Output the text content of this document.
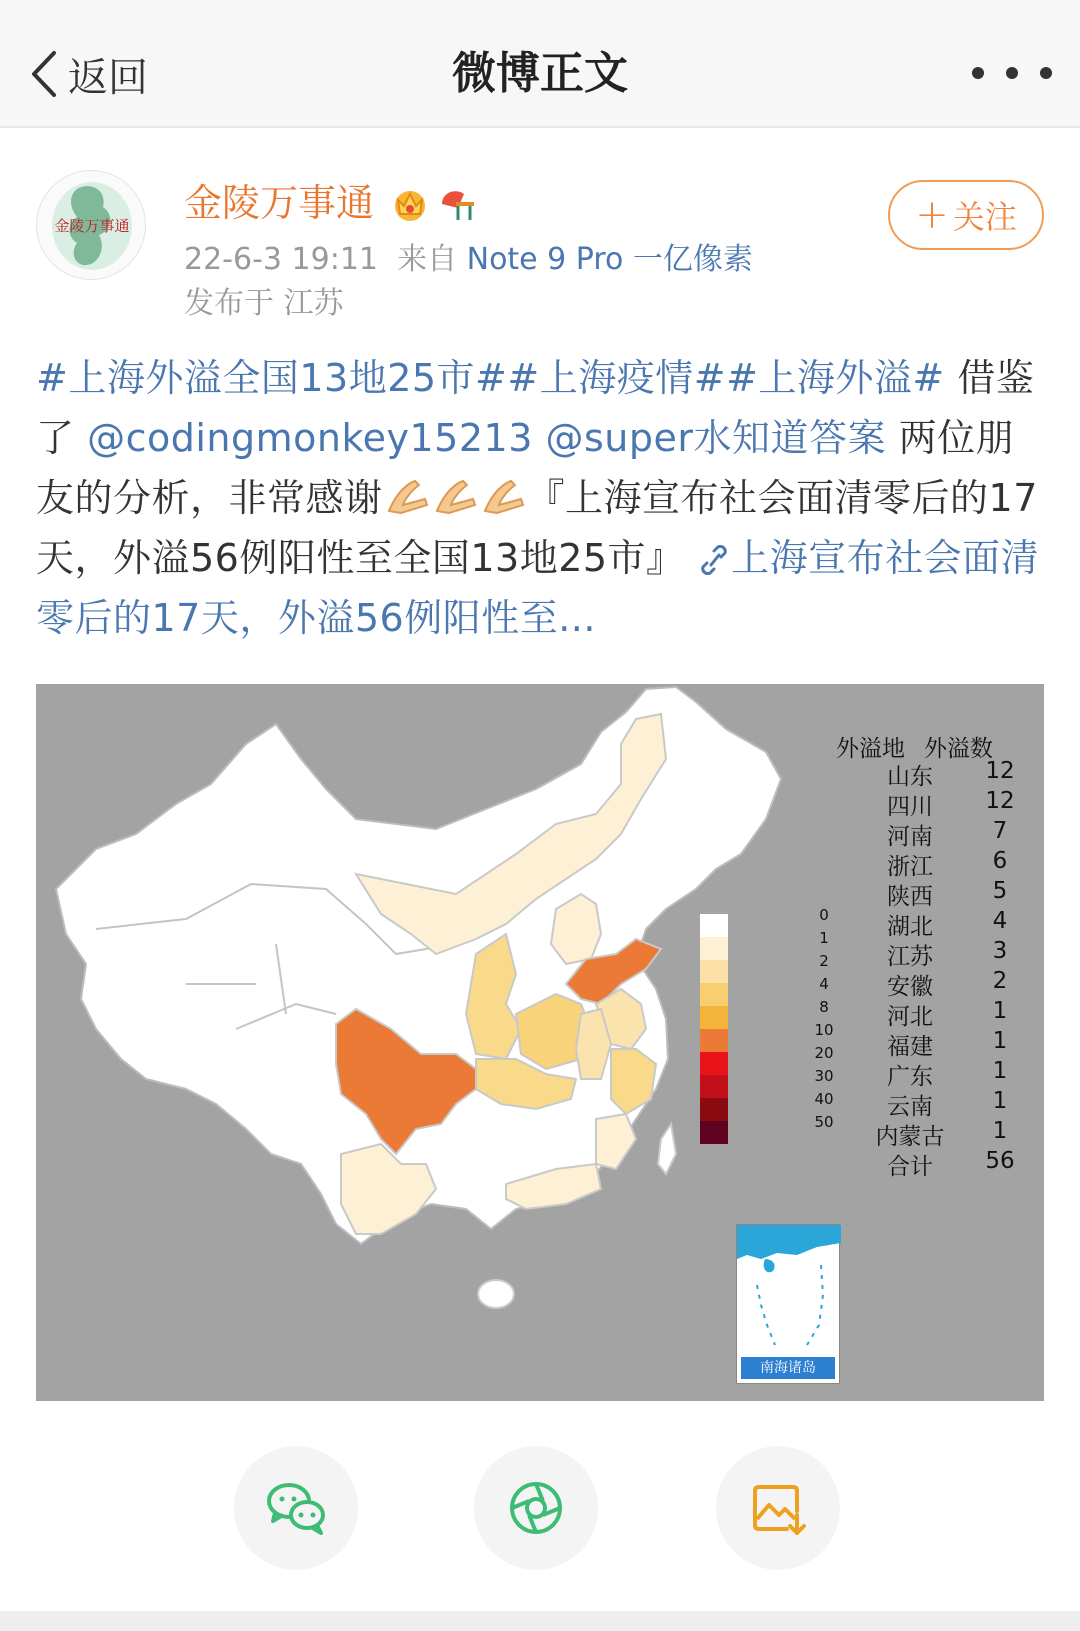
返回	微博正文
金陵万事通
金陵万事通
22-6-3 19:11 来自 Note 9 Pro 一亿像素
发布于 江苏
+ 关注
#上海外溢全国13地25市##上海疫情##上海外溢# 借鉴了 @codingmonkey15213 @super水知道答案 两位朋友的分析，非常感谢	『上海宣布社会面清零后的17天，外溢56例阳性至全国13地25市』 上海宣布社会面清零后的17天，外溢56例阳性至...
外溢地 外溢数
山东	12
四川	12
河南	7
浙江	6
陕西	5
湖北	4
江苏	3
安徽	2
河北	1
福建	1
广东	1
云南	1
内蒙古	1
合计	56
0
1
2
4
8
10
20
30
40
50
南海诸岛
